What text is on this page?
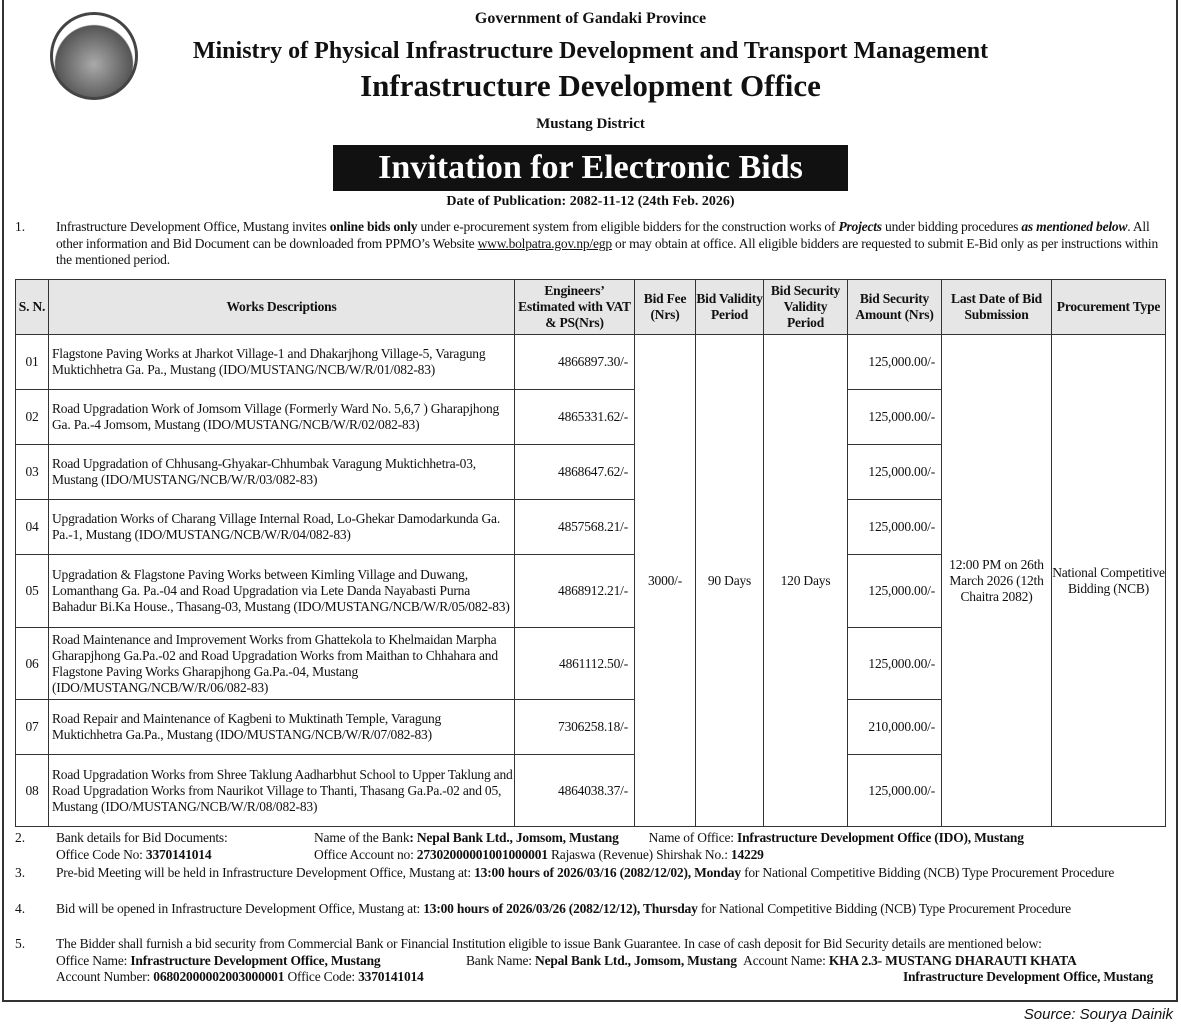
Government of Gandaki Province
Ministry of Physical Infrastructure Development and Transport Management
Infrastructure Development Office
Mustang District
Invitation for Electronic Bids
Date of Publication: 2082-11-12 (24th Feb. 2026)
1. Infrastructure Development Office, Mustang invites online bids only under e-procurement system from eligible bidders for the construction works of Projects under bidding procedures as mentioned below. All other information and Bid Document can be downloaded from PPMO’s Website www.bolpatra.gov.np/egp or may obtain at office. All eligible bidders are requested to submit E-Bid only as per instructions within the mentioned period.
S. N.	Works Descriptions	Engineers’ Estimated with VAT & PS(Nrs)	Bid Fee (Nrs)	Bid Validity Period	Bid Security Validity Period	Bid Security Amount (Nrs)	Last Date of Bid Submission	Procurement Type
01	Flagstone Paving Works at Jharkot Village-1 and Dhakarjhong Village-5, Varagung Muktichhetra Ga. Pa., Mustang (IDO/MUSTANG/NCB/W/R/01/082-83)	4866897.30/-	3000/-	90 Days	120 Days	125,000.00/-	12:00 PM on 26th March 2026 (12th Chaitra 2082)	National Competitive Bidding (NCB)
02	Road Upgradation Work of Jomsom Village (Formerly Ward No. 5,6,7 ) Gharapjhong Ga. Pa.-4 Jomsom, Mustang (IDO/MUSTANG/NCB/W/R/02/082-83)	4865331.62/-				125,000.00/-		
03	Road Upgradation of Chhusang-Ghyakar-Chhumbak Varagung Muktichhetra-03, Mustang (IDO/MUSTANG/NCB/W/R/03/082-83)	4868647.62/-				125,000.00/-		
04	Upgradation Works of Charang Village Internal Road, Lo-Ghekar Damodarkunda Ga. Pa.-1, Mustang (IDO/MUSTANG/NCB/W/R/04/082-83)	4857568.21/-				125,000.00/-		
05	Upgradation & Flagstone Paving Works between Kimling Village and Duwang, Lomanthang Ga. Pa.-04 and Road Upgradation via Lete Danda Nayabasti Purna Bahadur Bi.Ka House., Thasang-03, Mustang (IDO/MUSTANG/NCB/W/R/05/082-83)	4868912.21/-				125,000.00/-		
06	Road Maintenance and Improvement Works from Ghattekola to Khelmaidan Marpha Gharapjhong Ga.Pa.-02 and Road Upgradation Works from Maithan to Chhahara and Flagstone Paving Works Gharapjhong Ga.Pa.-04, Mustang (IDO/MUSTANG/NCB/W/R/06/082-83)	4861112.50/-				125,000.00/-		
07	Road Repair and Maintenance of Kagbeni to Muktinath Temple, Varagung Muktichhetra Ga.Pa., Mustang (IDO/MUSTANG/NCB/W/R/07/082-83)	7306258.18/-				210,000.00/-		
08	Road Upgradation Works from Shree Taklung Aadharbhut School to Upper Taklung and Road Upgradation Works from Naurikot Village to Thanti, Thasang Ga.Pa.-02 and 05, Mustang (IDO/MUSTANG/NCB/W/R/08/082-83)	4864038.37/-				125,000.00/-		
2. Bank details for Bid Documents:	Name of the Bank: Nepal Bank Ltd., Jomsom, Mustang Name of Office: Infrastructure Development Office (IDO), Mustang
Office Code No: 3370141014	Office Account no: 27302000001001000001 Rajaswa (Revenue) Shirshak No.: 14229
3. Pre-bid Meeting will be held in Infrastructure Development Office, Mustang at: 13:00 hours of 2026/03/16 (2082/12/02), Monday for National Competitive Bidding (NCB) Type Procurement Procedure
4. Bid will be opened in Infrastructure Development Office, Mustang at: 13:00 hours of 2026/03/26 (2082/12/12), Thursday for National Competitive Bidding (NCB) Type Procurement Procedure
5. The Bidder shall furnish a bid security from Commercial Bank or Financial Institution eligible to issue Bank Guarantee. In case of cash deposit for Bid Security details are mentioned below:
Office Name: Infrastructure Development Office, Mustang	Bank Name: Nepal Bank Ltd., Jomsom, Mustang Account Name: KHA 2.3- MUSTANG DHARAUTI KHATA
Account Number: 06802000002003000001 Office Code: 3370141014	Infrastructure Development Office, Mustang
Source: Sourya Dainik
